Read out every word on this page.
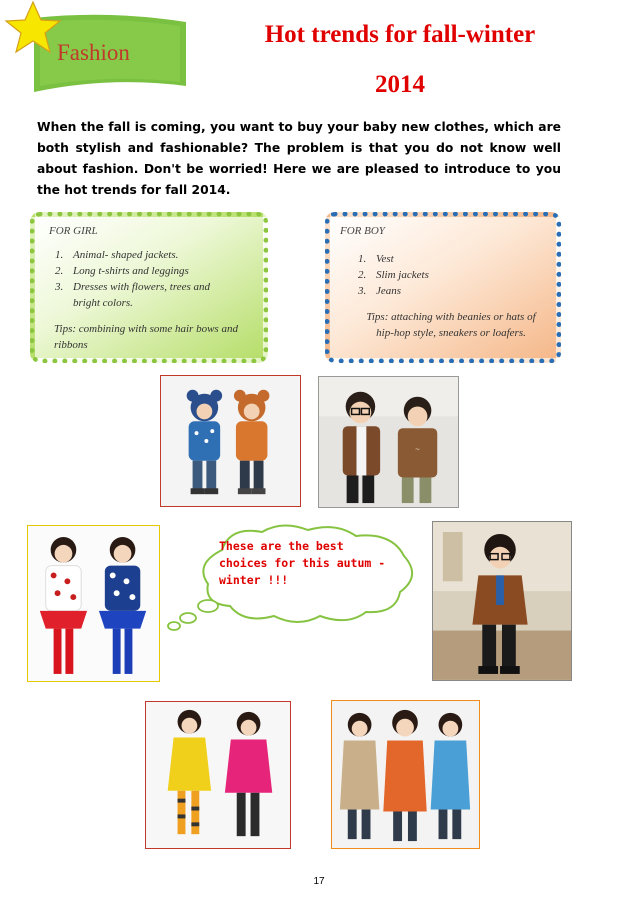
Fashion
Hot trends for fall-winter
2014
When the fall is coming, you want to buy your baby new clothes, which are both stylish and fashionable? The problem is that you do not know well about fashion. Don't be worried! Here we are pleased to introduce to you the hot trends for fall 2014.
FOR GIRL
1. Animal- shaped jackets.
2. Long t-shirts and leggings
3. Dresses with flowers, trees and bright colors.
Tips: combining with some hair bows and ribbons
FOR BOY
1. Vest
2. Slim jackets
3. Jeans
Tips: attaching with beanies or hats of hip-hop style, sneakers or loafers.
~
These are the best choices for this autum -winter !!!
17
